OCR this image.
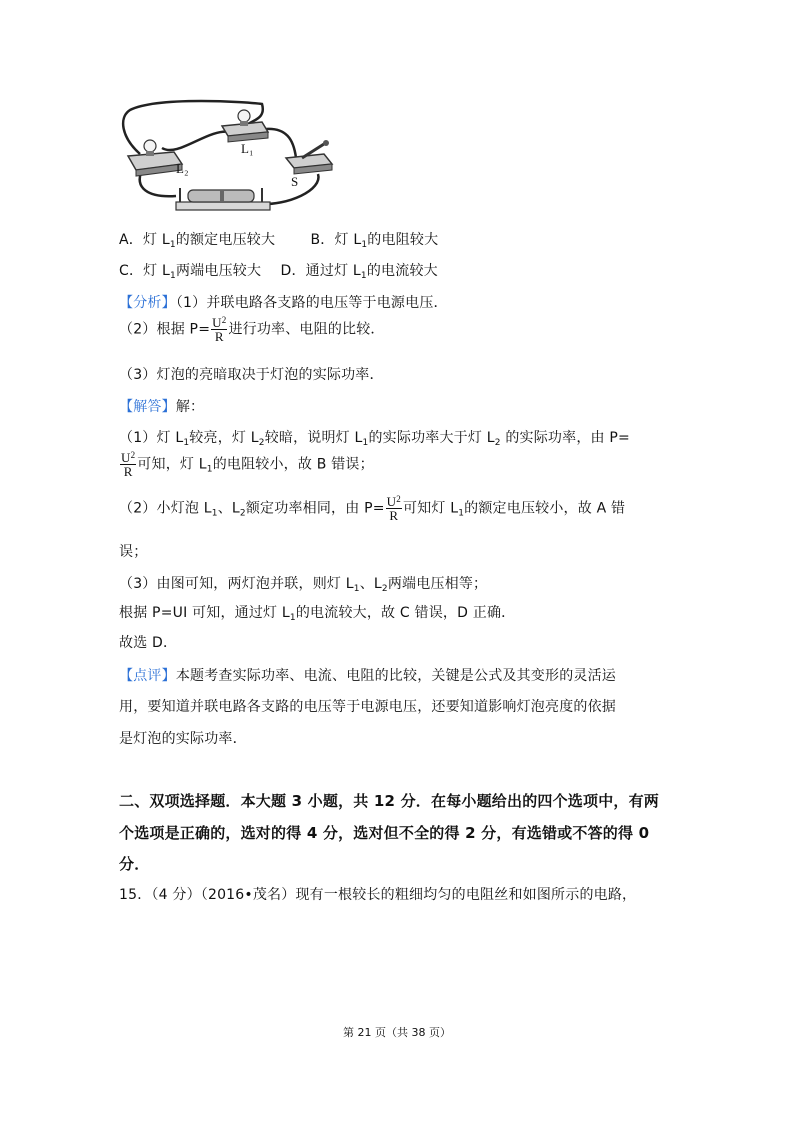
L₁
L₂
S
A．灯 $L_1$的额定电压较大	B．灯 $L_1$的电阻较大
C．灯 $L_1$两端电压较大 D．通过灯 $L_1$的电流较大
【分析】（1）并联电路各支路的电压等于电源电压．
（2）根据 $P= \frac{U^2}{R}$ 进行功率、电阻的比较．
（3）灯泡的亮暗取决于灯泡的实际功率．
【解答】解：
（1）灯 $L_1$较亮，灯 $L_2$较暗，说明灯 $L_1$的实际功率大于灯 $L_2$ 的实际功率，由 P=
$\frac{U^2}{R}$ 可知，灯 $L_1$的电阻较小，故 B 错误；
（2）小灯泡 $L_1$、$L_2$额定功率相同，由 $P= \frac{U^2}{R}$ 可知灯 $L_1$的额定电压较小，故 A 错
误；
（3）由图可知，两灯泡并联，则灯 $L_1$、$L_2$两端电压相等；
根据 P=UI 可知，通过灯 $L_1$的电流较大，故 C 错误，D 正确．
故选 D．
【点评】本题考查实际功率、电流、电阻的比较，关键是公式及其变形的灵活运
用，要知道并联电路各支路的电压等于电源电压，还要知道影响灯泡亮度的依据
是灯泡的实际功率．
二、双项选择题．本大题 3 小题，共 12 分．在每小题给出的四个选项中，有两
个选项是正确的，选对的得 4 分，选对但不全的得 2 分，有选错或不答的得 0
分．
15．（4 分）（2016•茂名）现有一根较长的粗细均匀的电阻丝和如图所示的电路，
第 21 页（共 38 页）
